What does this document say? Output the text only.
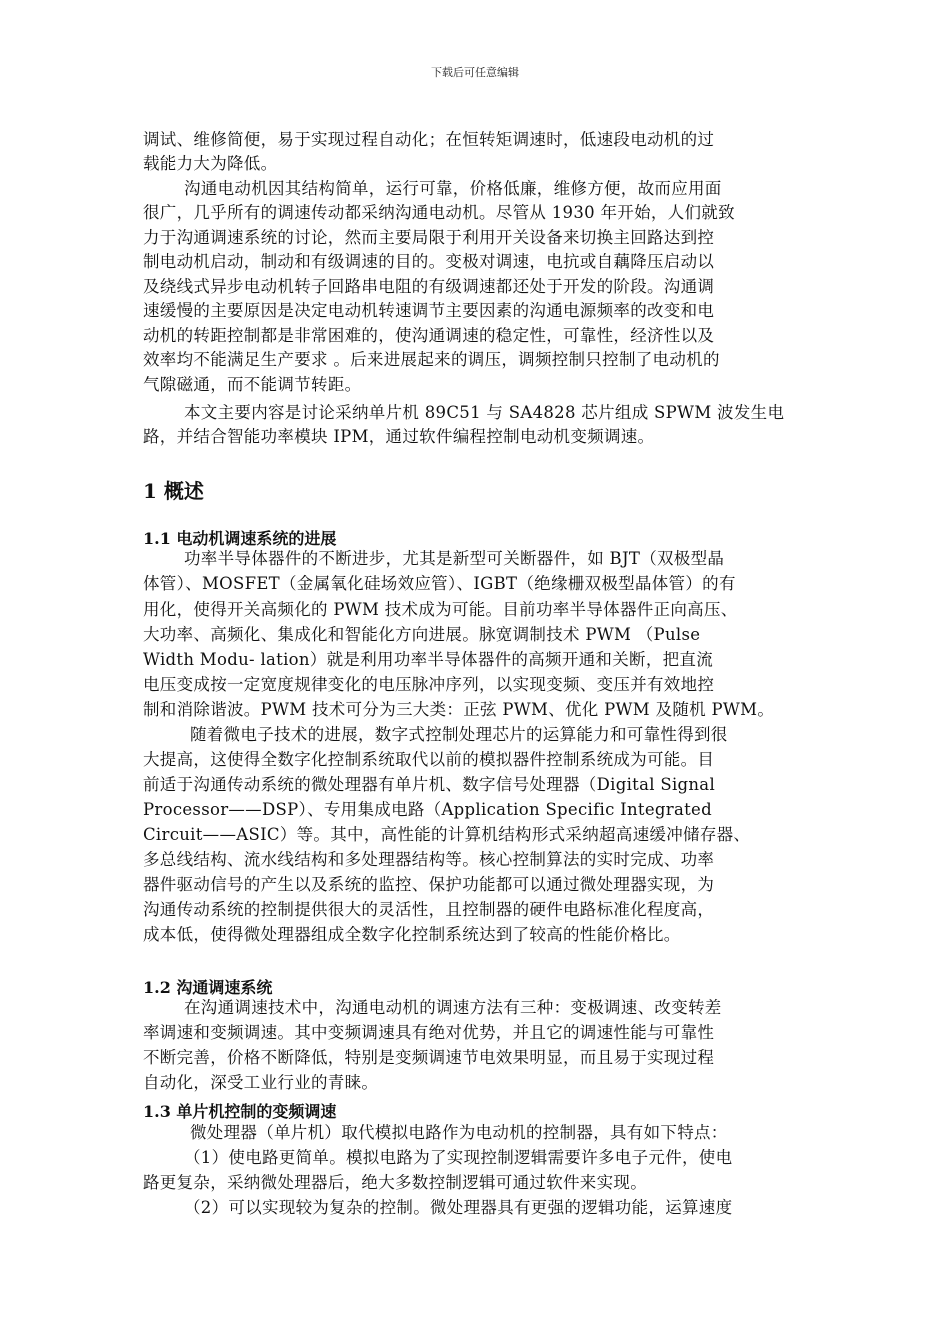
下载后可任意编辑
调试、维修简便，易于实现过程自动化；在恒转矩调速时，低速段电动机的过
载能力大为降低。
沟通电动机因其结构简单，运行可靠，价格低廉，维修方便，故而应用面
很广，几乎所有的调速传动都采纳沟通电动机。尽管从 1930 年开始，人们就致
力于沟通调速系统的讨论，然而主要局限于利用开关设备来切换主回路达到控
制电动机启动，制动和有级调速的目的。变极对调速，电抗或自藕降压启动以
及绕线式异步电动机转子回路串电阻的有级调速都还处于开发的阶段。沟通调
速缓慢的主要原因是决定电动机转速调节主要因素的沟通电源频率的改变和电
动机的转距控制都是非常困难的，使沟通调速的稳定性，可靠性，经济性以及
效率均不能满足生产要求 。后来进展起来的调压，调频控制只控制了电动机的
气隙磁通，而不能调节转距。
本文主要内容是讨论采纳单片机 89C51 与 SA4828 芯片组成 SPWM 波发生电
路，并结合智能功率模块 IPM，通过软件编程控制电动机变频调速。
1 概述
1.1 电动机调速系统的进展
功率半导体器件的不断进步，尤其是新型可关断器件，如 BJT（双极型晶
体管）、MOSFET（金属氧化硅场效应管）、IGBT（绝缘栅双极型晶体管）的有
用化，使得开关高频化的 PWM 技术成为可能。目前功率半导体器件正向高压、
大功率、高频化、集成化和智能化方向进展。脉宽调制技术 PWM （Pulse
Width Modu- lation）就是利用功率半导体器件的高频开通和关断，把直流
电压变成按一定宽度规律变化的电压脉冲序列，以实现变频、变压并有效地控
制和消除谐波。PWM 技术可分为三大类：正弦 PWM、优化 PWM 及随机 PWM。
随着微电子技术的进展，数字式控制处理芯片的运算能力和可靠性得到很
大提高，这使得全数字化控制系统取代以前的模拟器件控制系统成为可能。目
前适于沟通传动系统的微处理器有单片机、数字信号处理器（Digital Signal
Processor——DSP）、专用集成电路（Application Specific Integrated
Circuit——ASIC）等。其中，高性能的计算机结构形式采纳超高速缓冲储存器、
多总线结构、流水线结构和多处理器结构等。核心控制算法的实时完成、功率
器件驱动信号的产生以及系统的监控、保护功能都可以通过微处理器实现，为
沟通传动系统的控制提供很大的灵活性，且控制器的硬件电路标准化程度高，
成本低，使得微处理器组成全数字化控制系统达到了较高的性能价格比。
1.2 沟通调速系统
在沟通调速技术中，沟通电动机的调速方法有三种：变极调速、改变转差
率调速和变频调速。其中变频调速具有绝对优势，并且它的调速性能与可靠性
不断完善，价格不断降低，特别是变频调速节电效果明显，而且易于实现过程
自动化，深受工业行业的青睐。
1.3 单片机控制的变频调速
微处理器（单片机）取代模拟电路作为电动机的控制器，具有如下特点：
（1）使电路更简单。模拟电路为了实现控制逻辑需要许多电子元件，使电
路更复杂，采纳微处理器后，绝大多数控制逻辑可通过软件来实现。
（2）可以实现较为复杂的控制。微处理器具有更强的逻辑功能，运算速度
